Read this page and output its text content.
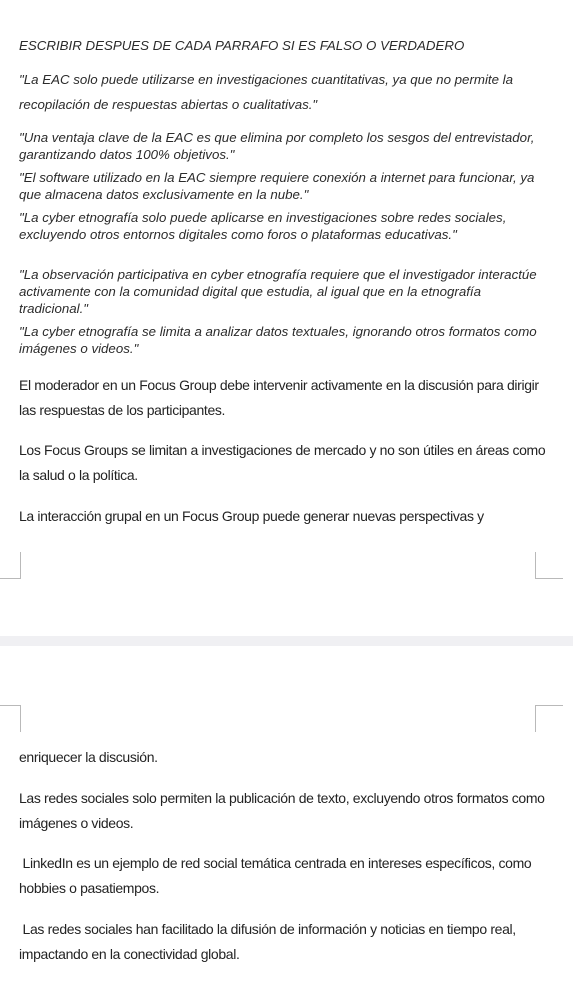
ESCRIBIR DESPUES DE CADA PARRAFO SI ES FALSO O VERDADERO

"La EAC solo puede utilizarse en investigaciones cuantitativas, ya que no permite la recopilación de respuestas abiertas o cualitativas."

"Una ventaja clave de la EAC es que elimina por completo los sesgos del entrevistador, garantizando datos 100% objetivos."

"El software utilizado en la EAC siempre requiere conexión a internet para funcionar, ya que almacena datos exclusivamente en la nube."

"La cyber etnografía solo puede aplicarse en investigaciones sobre redes sociales, excluyendo otros entornos digitales como foros o plataformas educativas."

"La observación participativa en cyber etnografía requiere que el investigador interactúe activamente con la comunidad digital que estudia, al igual que en la etnografía tradicional."

"La cyber etnografía se limita a analizar datos textuales, ignorando otros formatos como imágenes o videos."

El moderador en un Focus Group debe intervenir activamente en la discusión para dirigir las respuestas de los participantes.

Los Focus Groups se limitan a investigaciones de mercado y no son útiles en áreas como la salud o la política.

La interacción grupal en un Focus Group puede generar nuevas perspectivas y

enriquecer la discusión.

Las redes sociales solo permiten la publicación de texto, excluyendo otros formatos como imágenes o videos.

LinkedIn es un ejemplo de red social temática centrada en intereses específicos, como hobbies o pasatiempos.

Las redes sociales han facilitado la difusión de información y noticias en tiempo real, impactando en la conectividad global.
